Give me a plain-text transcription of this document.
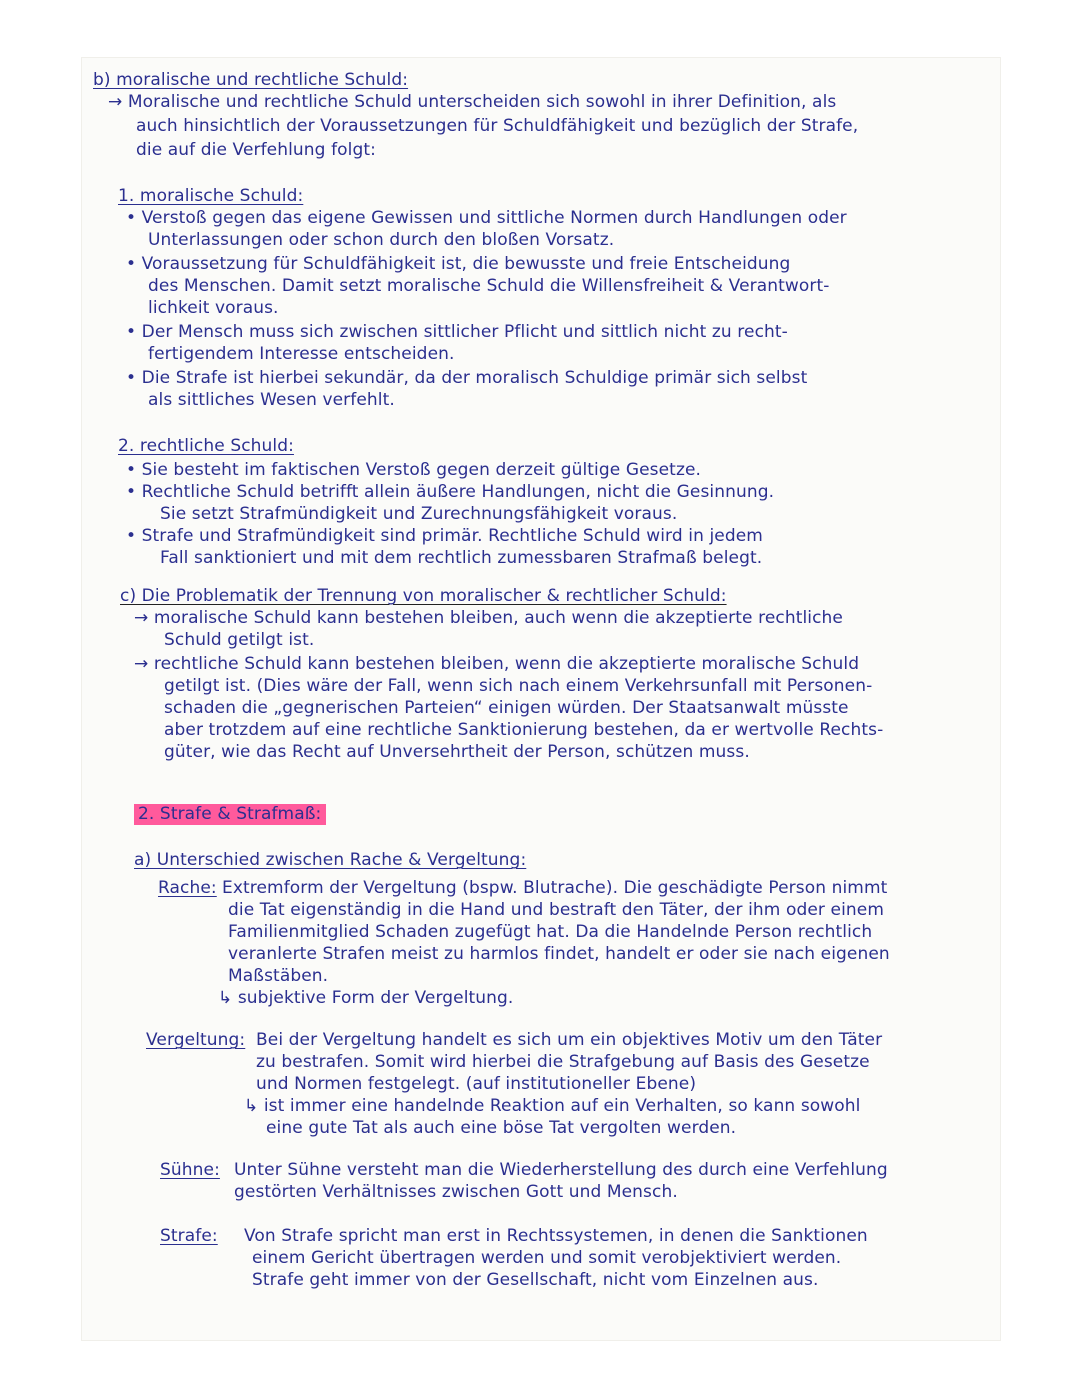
b) moralische und rechtliche Schuld:
→ Moralische und rechtliche Schuld unterscheiden sich sowohl in ihrer Definition, als
auch hinsichtlich der Voraussetzungen für Schuldfähigkeit und bezüglich der Strafe,
die auf die Verfehlung folgt:
1. moralische Schuld:
• Verstoß gegen das eigene Gewissen und sittliche Normen durch Handlungen oder
Unterlassungen oder schon durch den bloßen Vorsatz.
• Voraussetzung für Schuldfähigkeit ist, die bewusste und freie Entscheidung
des Menschen. Damit setzt moralische Schuld die Willensfreiheit & Verantwort-
lichkeit voraus.
• Der Mensch muss sich zwischen sittlicher Pflicht und sittlich nicht zu recht-
fertigendem Interesse entscheiden.
• Die Strafe ist hierbei sekundär, da der moralisch Schuldige primär sich selbst
als sittliches Wesen verfehlt.
2. rechtliche Schuld:
• Sie besteht im faktischen Verstoß gegen derzeit gültige Gesetze.
• Rechtliche Schuld betrifft allein äußere Handlungen, nicht die Gesinnung.
Sie setzt Strafmündigkeit und Zurechnungsfähigkeit voraus.
• Strafe und Strafmündigkeit sind primär. Rechtliche Schuld wird in jedem
Fall sanktioniert und mit dem rechtlich zumessbaren Strafmaß belegt.
c) Die Problematik der Trennung von moralischer & rechtlicher Schuld:
→ moralische Schuld kann bestehen bleiben, auch wenn die akzeptierte rechtliche
Schuld getilgt ist.
→ rechtliche Schuld kann bestehen bleiben, wenn die akzeptierte moralische Schuld
getilgt ist. (Dies wäre der Fall, wenn sich nach einem Verkehrsunfall mit Personen-
schaden die „gegnerischen Parteien“ einigen würden. Der Staatsanwalt müsste
aber trotzdem auf eine rechtliche Sanktionierung bestehen, da er wertvolle Rechts-
güter, wie das Recht auf Unversehrtheit der Person, schützen muss.
2. Strafe & Strafmaß:
a) Unterschied zwischen Rache & Vergeltung:
Rache: Extremform der Vergeltung (bspw. Blutrache). Die geschädigte Person nimmt
die Tat eigenständig in die Hand und bestraft den Täter, der ihm oder einem
Familienmitglied Schaden zugefügt hat. Da die Handelnde Person rechtlich
veranlerte Strafen meist zu harmlos findet, handelt er oder sie nach eigenen
Maßstäben.
↳ subjektive Form der Vergeltung.
Vergeltung: Bei der Vergeltung handelt es sich um ein objektives Motiv um den Täter
zu bestrafen. Somit wird hierbei die Strafgebung auf Basis des Gesetze
und Normen festgelegt. (auf institutioneller Ebene)
↳ ist immer eine handelnde Reaktion auf ein Verhalten, so kann sowohl
eine gute Tat als auch eine böse Tat vergolten werden.
Sühne: Unter Sühne versteht man die Wiederherstellung des durch eine Verfehlung
gestörten Verhältnisses zwischen Gott und Mensch.
Strafe: Von Strafe spricht man erst in Rechtssystemen, in denen die Sanktionen
einem Gericht übertragen werden und somit verobjektiviert werden.
Strafe geht immer von der Gesellschaft, nicht vom Einzelnen aus.
